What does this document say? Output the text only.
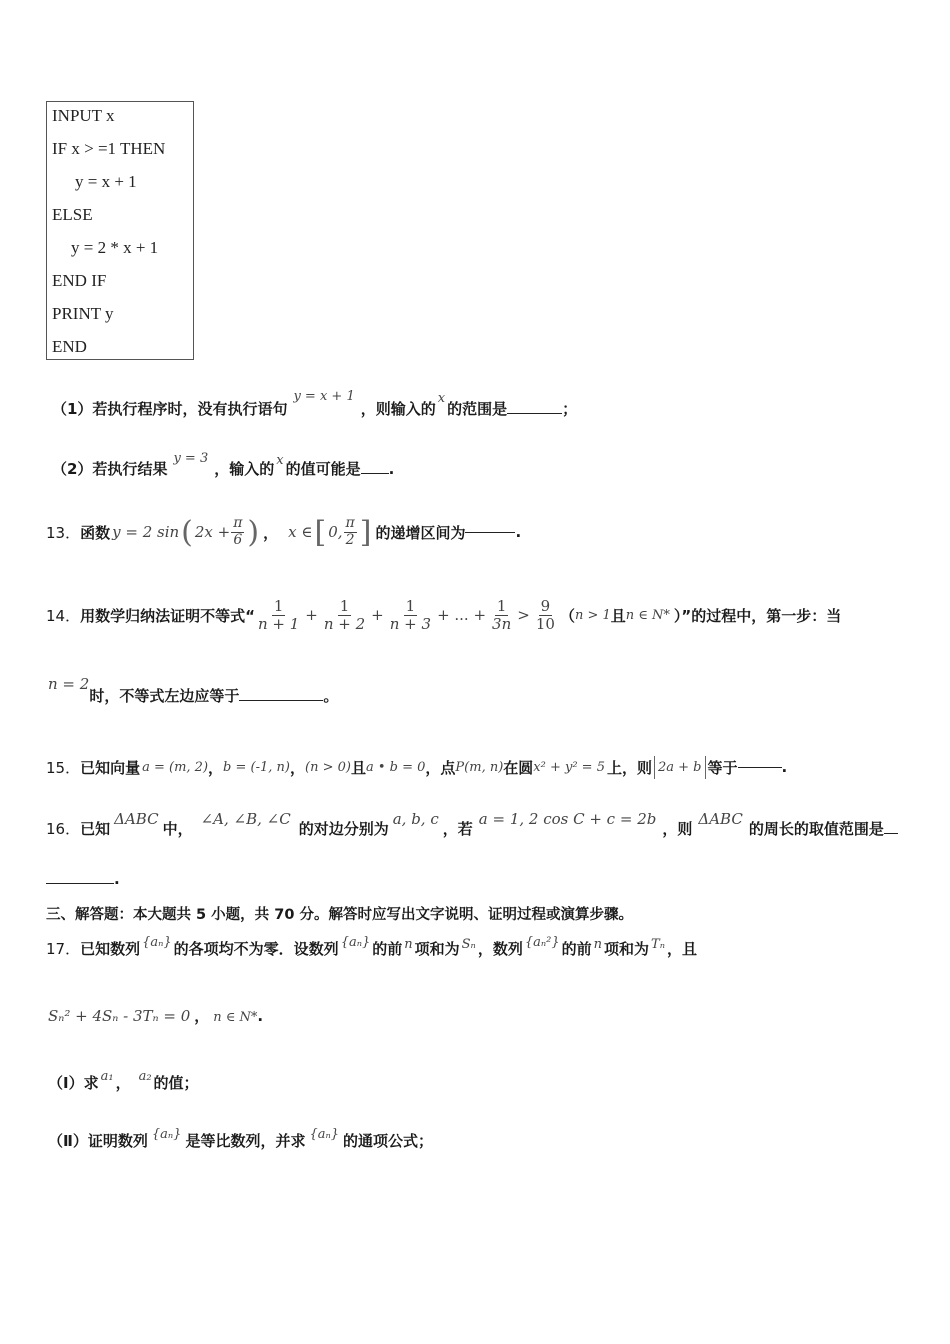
INPUT x
IF x > =1 THEN
y = x + 1
ELSE
y = 2 * x + 1
END IF
PRINT y
END
（1）若执行程序时，没有执行语句y = x + 1，则输入的x的范围是	；
（2）若执行结果y = 3，输入的 x 的值可能是 .
13． 函数 y = 2 sin ( $2x + \frac{\pi}{6}$ ) ， x ∈ [ 0, $\frac{\pi}{2}$ ] 的递增区间为	.
14． 用数学归纳法证明不等式“ $\frac{1}{n + 1} + \frac{1}{n + 2} + \frac{1}{n + 3}$ + ... + $\frac{1}{3n} > \frac{9}{10}$ （ n > 1 且 n ∈ N* ）”的过程中，第一步：当
n = 2时，不等式左边应等于	。
15． 已知向量 a = (m, 2) ， b = (-1, n) ， (n > 0) 且 a • b = 0 ，点 P(m, n) 在圆 x² + y² = 5 上，则 2a + b 等于	.
16．已知ΔABC中，∠A, ∠B, ∠C的对边分别为a, b, c，若a = 1, 2 cos C + c = 2b，则ΔABC的周长的取值范围是
.
三、解答题：本大题共 5 小题，共 70 分。解答时应写出文字说明、证明过程或演算步骤。
17．已知数列 {aₙ} 的各项均不为零．设数列 {aₙ} 的前 n 项和为 Sₙ ，数列 {aₙ²} 的前 n 项和为 Tₙ ，且
Sₙ² + 4Sₙ - 3Tₙ = 0 ， n ∈ N*.
（Ⅰ）求 a₁ ， a₂ 的值；
（Ⅱ）证明数列 {aₙ} 是等比数列，并求 {aₙ} 的通项公式；
